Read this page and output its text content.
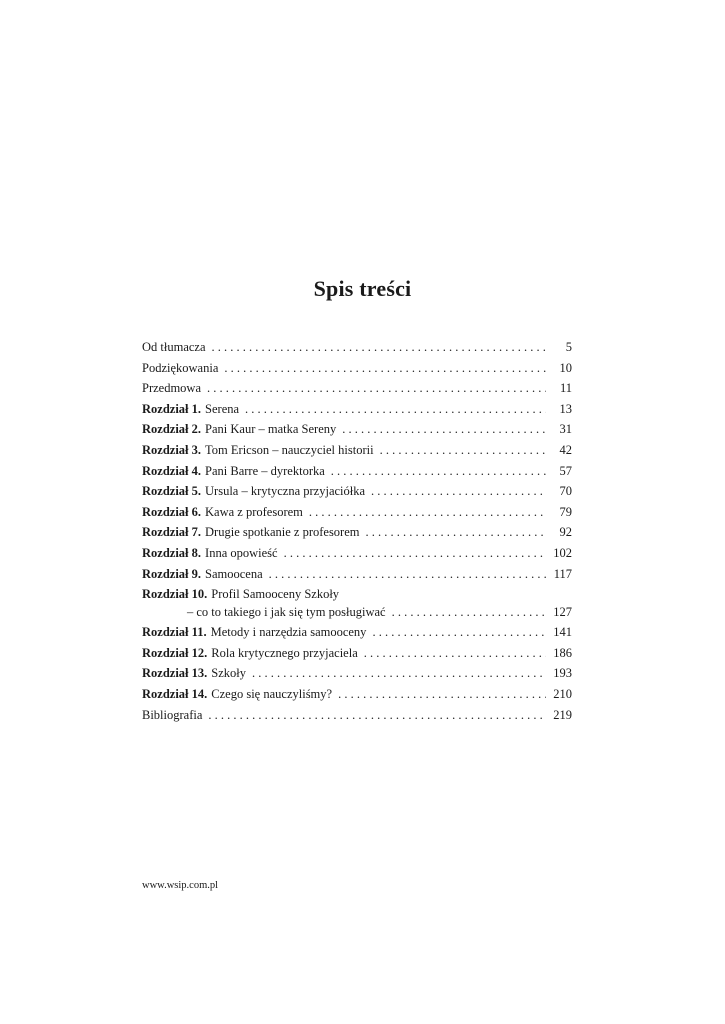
Spis treści
Od tłumacza . . .	5
Podziękowania . . .	10
Przedmowa . . .	11
Rozdział 1. Serena . . .	13
Rozdział 2. Pani Kaur – matka Sereny . . .	31
Rozdział 3. Tom Ericson – nauczyciel historii . . .	42
Rozdział 4. Pani Barre – dyrektorka . . .	57
Rozdział 5. Ursula – krytyczna przyjaciółka . . .	70
Rozdział 6. Kawa z profesorem . . .	79
Rozdział 7. Drugie spotkanie z profesorem . . .	92
Rozdział 8. Inna opowieść . . .	102
Rozdział 9. Samoocena . . .	117
Rozdział 10. Profil Samooceny Szkoły
– co to takiego i jak się tym posługiwać . . .	127
Rozdział 11. Metody i narzędzia samooceny . . .	141
Rozdział 12. Rola krytycznego przyjaciela . . .	186
Rozdział 13. Szkoły . . .	193
Rozdział 14. Czego się nauczyliśmy? . . .	210
Bibliografia . . .	219
www.wsip.com.pl
